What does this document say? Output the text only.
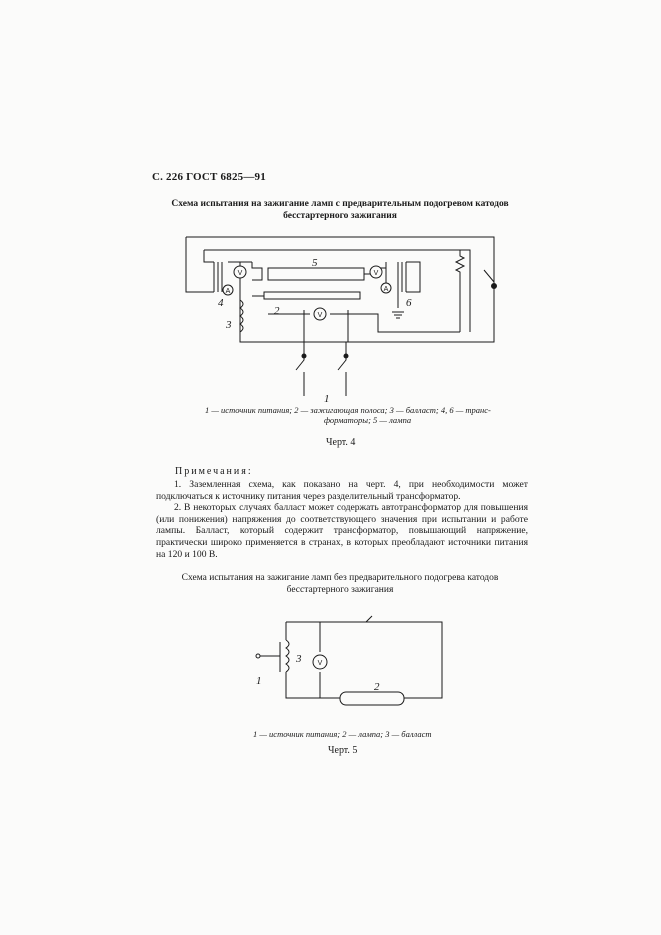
С. 226 ГОСТ 6825—91
Схема испытания на зажигание ламп с предварительным подогревом катодов бесстартерного зажигания
V
A
V
A
V
5
2
4
3
6
1
V
2
3
1
1 — источник питания; 2 — зажигающая полоса; 3 — балласт; 4, 6 — транс-
форматоры; 5 — лампа
Черт. 4
Примечания:

1. Заземленная схема, как показано на черт. 4, при необходимости может подключаться к источнику питания через разделительный трансформатор.

2. В некоторых случаях балласт может содержать автотрансформатор для повышения (или понижения) напряжения до соответствующего значения при испытании и работе лампы. Балласт, который содержит трансформатор, повышающий напряжение, практически широко применяется в странах, в которых преобладают источники питания на 120 и 100 В.

Схема испытания на зажигание ламп без предварительного подогрева катодов бесстартерного зажигания
1 — источник питания; 2 — лампа; 3 — балласт
Черт. 5
